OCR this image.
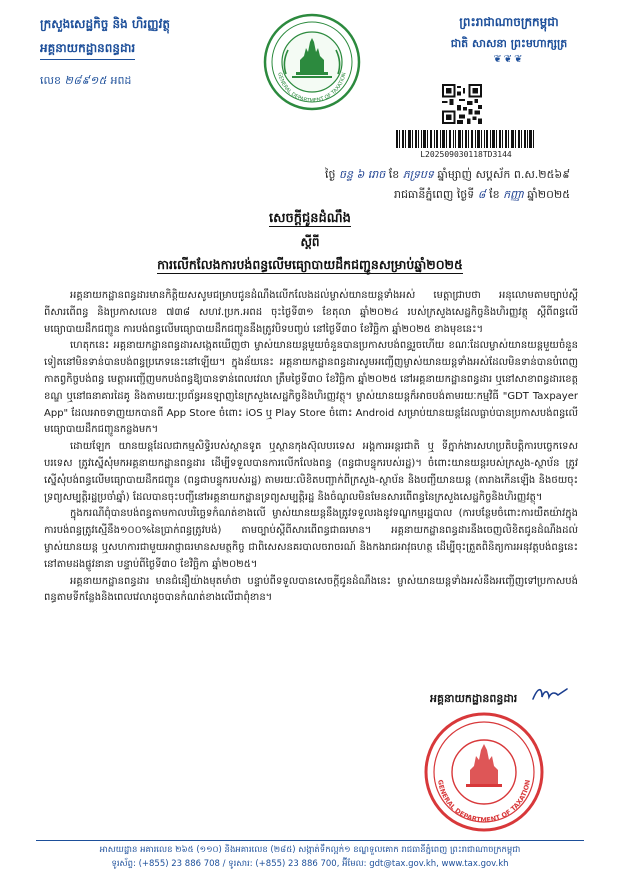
ក្រសួងសេដ្ឋកិច្ច និង ហិរញ្ញវត្ថុ
អគ្គនាយកដ្ឋានពន្ធដារ
លេខ ២៨៩១៥ អពដ	GENERAL DEPARTMENT OF TAXATION
ព្រះរាជាណាចក្រកម្ពុជា
ជាតិ សាសនា ព្រះមហាក្សត្រ
❦❦❦
L202509030118TD3144
ថ្ងៃ ចន្ទ ៦ រោច ខែ ភទ្របទ ឆ្នាំម្សាញ់ សប្តស័ក ព.ស.២៥៦៩
រាជធានីភ្នំពេញ ថ្ងៃទី ៨ ខែ កញ្ញា ឆ្នាំ២០២៥
សេចក្តីជូនដំណឹង
ស្តីពី
ការលើកលែងការបង់ពន្ធលើមធ្យោបាយដឹកជញ្ជូនសម្រាប់ឆ្នាំ២០២៥

អគ្គនាយកដ្ឋានពន្ធដារមានកិត្តិយសសូមជម្រាបជូនដំណឹងលើកលែងដល់ម្ចាស់យានយន្តទាំងអស់ មេត្តាជ្រាបថា អនុលោមតាមច្បាប់ស្តីពីសារពើពន្ធ និងប្រកាសលេខ ៧៣៨ សហវ.ប្រក.អពដ ចុះថ្ងៃទី៣១ ខែតុលា ឆ្នាំ២០២៤ របស់ក្រសួងសេដ្ឋកិច្ចនិងហិរញ្ញវត្ថុ ស្តីពីពន្ធលើមធ្យោបាយដឹកជញ្ជូន ការបង់ពន្ធលើមធ្យោបាយដឹកជញ្ជូននឹងត្រូវបិទបញ្ចប់ នៅថ្ងៃទី៣០ ខែវិច្ឆិកា ឆ្នាំ២០២៥ ខាងមុខនេះ។

ហេតុកនេះ អគ្គនាយកដ្ឋានពន្ធដារសង្កេតឃើញថា ម្ចាស់យានយន្តមួយចំនួនបានប្រកាសបង់ពន្ធរួចហើយ ខណៈដែលម្ចាស់យានយន្តមួយចំនួនទៀតនៅមិនទាន់បានបង់ពន្ធប្រភេទនេះនៅឡើយ។ ក្នុងន័យនេះ អគ្គនាយកដ្ឋានពន្ធដារសូមអញ្ជើញម្ចាស់យានយន្តទាំងអស់ដែលមិនទាន់បានបំពេញកាតព្វកិច្ចបង់ពន្ធ មេត្តាអញ្ជើញមកបង់ពន្ធឱ្យបានទាន់ពេលវេលា ត្រឹមថ្ងៃទី៣០ ខែវិច្ឆិកា ឆ្នាំ២០២៥ នៅអគ្គនាយកដ្ឋានពន្ធដារ ឬនៅសាខាពន្ធដារខេត្ត ខណ្ឌ ឬនៅធនាគារដៃគូ និងតាមរយៈប្រព័ន្ធអនឡាញនៃក្រសួងសេដ្ឋកិច្ចនិងហិរញ្ញវត្ថុ។ ម្ចាស់យានយន្តក៏អាចបង់តាមរយៈកម្មវិធី "GDT Taxpayer App" ដែលអាចទាញយកបានពី App Store ចំពោះ iOS ឬ Play Store ចំពោះ Android សម្រាប់យានយន្តដែលធ្លាប់បានប្រកាសបង់ពន្ធលើមធ្យោបាយដឹកជញ្ជូនកន្លងមក។

ដោយឡែក យានយន្តដែលជាកម្មសិទ្ធិរបស់ស្ថានទូត ឬស្ថានកុងស៊ុលបរទេស អង្គការអន្តរជាតិ ឬ ទីភ្នាក់ងារសហប្រតិបត្តិការបច្ចេកទេសបរទេស ត្រូវស្នើសុំមកអគ្គនាយកដ្ឋានពន្ធដារ ដើម្បីទទួលបានការលើកលែងពន្ធ (ពន្ធជាបន្ទុករបស់រដ្ឋ)។ ចំពោះយានយន្តរបស់ក្រសួង-ស្ថាប័ន ត្រូវស្នើសុំបង់ពន្ធលើមធ្យោបាយដឹកជញ្ជូន (ពន្ធជាបន្ទុករបស់រដ្ឋ) តាមរយៈលិខិតបញ្ជាក់ពីក្រសួង-ស្ថាប័ន និងបញ្ជីយានយន្ត (តារាងកើនឡើង និងថយចុះទ្រព្យសម្បត្តិរដ្ឋប្រចាំឆ្នាំ) ដែលបានចុះបញ្ជីនៅអគ្គនាយកដ្ឋានទ្រព្យសម្បត្តិរដ្ឋ និងចំណូលមិនមែនសារពើពន្ធនៃក្រសួងសេដ្ឋកិច្ចនិងហិរញ្ញវត្ថុ។

ក្នុងករណីពុំបានបង់ពន្ធតាមកាលបរិច្ឆេទកំណត់ខាងលើ ម្ចាស់យានយន្តនឹងត្រូវទទួលរងនូវទណ្ឌកម្មរដ្ឋបាល (ការបន្ថែមចំពោះការយឺតយ៉ាវក្នុងការបង់ពន្ធត្រូវស្មើនឹង១០០%នៃប្រាក់ពន្ធត្រូវបង់) តាមច្បាប់ស្តីពីសារពើពន្ធជាធរមាន។ អគ្គនាយកដ្ឋានពន្ធដារនឹងចេញលិខិតជូនដំណឹងដល់ម្ចាស់យានយន្ត ឬសហការជាមួយអាជ្ញាធរមានសមត្ថកិច្ច ជាពិសេសនគរបាលចរាចរណ៍ និងកងរាជអាវុធហត្ថ ដើម្បីចុះត្រួតពិនិត្យការអនុវត្តបង់ពន្ធនេះនៅតាមដងផ្លូវនានា បន្ទាប់ពីថ្ងៃទី៣០ ខែវិច្ឆិកា ឆ្នាំ២០២៥។

អគ្គនាយកដ្ឋានពន្ធដារ មានជំនឿយ៉ាងមុតមាំថា បន្ទាប់ពីទទួលបានសេចក្តីជូនដំណឹងនេះ ម្ចាស់យានយន្តទាំងអស់នឹងអញ្ជើញទៅប្រកាសបង់ពន្ធតាមទីកន្លែងនិងពេលវេលាដូចបានកំណត់ខាងលើជាពុំខាន។

អគ្គនាយកដ្ឋានពន្ធដារ
GENERAL DEPARTMENT OF TAXATION
អាសយដ្ឋាន អគារលេខ ២៦៥ (១១០) និងអគារលេខ (២៨៥) សង្កាត់ទឹកល្អក់១ ខណ្ឌទួលគោក រាជធានីភ្នំពេញ ព្រះរាជាណាចក្រកម្ពុជា
ទូរស័ព្ទ: (+855) 23 886 708 / ទូរសារ: (+855) 23 886 700, អ៊ីមែល: gdt@tax.gov.kh, www.tax.gov.kh
